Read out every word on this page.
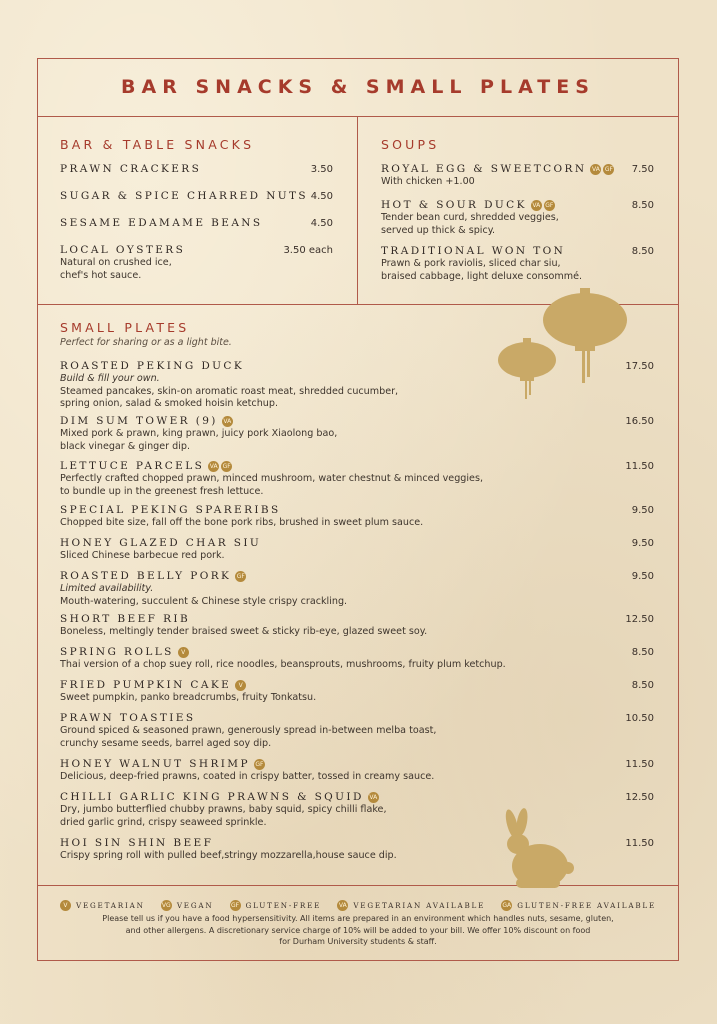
BAR SNACKS & SMALL PLATES
BAR & TABLE SNACKS
PRAWN CRACKERS	3.50
SUGAR & SPICE CHARRED NUTS 4.50
SESAME EDAMAME BEANS	4.50
LOCAL OYSTERS
Natural on crushed ice,
chef's hot sauce.
3.50 each
SOUPS
ROYAL EGG & SWEETCORN VA GF
With chicken +1.00
7.50
HOT & SOUR DUCK VA GF
Tender bean curd, shredded veggies,
served up thick & spicy.
8.50
TRADITIONAL WON TON
Prawn & pork raviolis, sliced char siu,
braised cabbage, light deluxe consommé.
8.50
SMALL PLATES
Perfect for sharing or as a light bite.
ROASTED PEKING DUCK
Build & fill your own.
Steamed pancakes, skin-on aromatic roast meat, shredded cucumber,
spring onion, salad & smoked hoisin ketchup.
17.50
DIM SUM TOWER (9) VA
Mixed pork & prawn, king prawn, juicy pork Xiaolong bao,
black vinegar & ginger dip.
16.50
LETTUCE PARCELS VA GF
Perfectly crafted chopped prawn, minced mushroom, water chestnut & minced veggies,
to bundle up in the greenest fresh lettuce.
11.50
SPECIAL PEKING SPARERIBS
Chopped bite size, fall off the bone pork ribs, brushed in sweet plum sauce.
9.50
HONEY GLAZED CHAR SIU
Sliced Chinese barbecue red pork.
9.50
ROASTED BELLY PORK GF
Limited availability.
Mouth-watering, succulent & Chinese style crispy crackling.
9.50
SHORT BEEF RIB
Boneless, meltingly tender braised sweet & sticky rib-eye, glazed sweet soy.
12.50
SPRING ROLLS	V
Thai version of a chop suey roll, rice noodles, beansprouts, mushrooms, fruity plum ketchup.
8.50
FRIED PUMPKIN CAKE	V
Sweet pumpkin, panko breadcrumbs, fruity Tonkatsu.
8.50
PRAWN TOASTIES
Ground spiced & seasoned prawn, generously spread in-between melba toast,
crunchy sesame seeds, barrel aged soy dip.
10.50
HONEY WALNUT SHRIMP GF
Delicious, deep-fried prawns, coated in crispy batter, tossed in creamy sauce.
11.50
CHILLI GARLIC KING PRAWNS & SQUID VA
Dry, jumbo butterflied chubby prawns, baby squid, spicy chilli flake,
dried garlic grind, crispy seaweed sprinkle.
12.50
HOI SIN SHIN BEEF
Crispy spring roll with pulled beef,stringy mozzarella,house sauce dip.
11.50
V	VEGETARIAN
	VG VEGAN
	GF GLUTEN-FREE
	VA VEGETARIAN AVAILABLE
	GA GLUTEN-FREE AVAILABLE
Please tell us if you have a food hypersensitivity. All items are prepared in an environment which handles nuts, sesame, gluten,
and other allergens. A discretionary service charge of 10% will be added to your bill. We offer 10% discount on food
for Durham University students & staff.
